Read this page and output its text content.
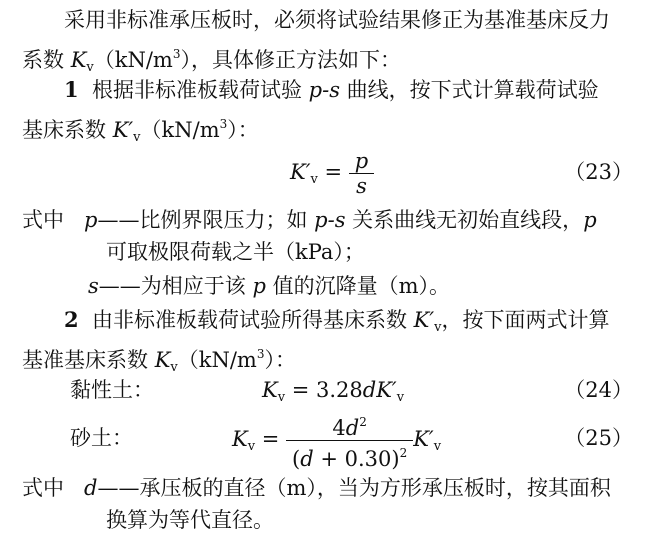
采用非标准承压板时，必须将试验结果修正为基准基床反力
系数 $K_v(kN/m^3)$，具体修正方法如下：
1 根据非标准板载荷试验 p-s 曲线，按下式计算载荷试验
基床系数 $K'_v(kN/m^3)$：
$K'_v = \frac{p}{s}$	（23）
式中 p——比例界限压力；如 p-s 关系曲线无初始直线段，p
可取极限荷载之半（kPa）；
s——为相应于该 p 值的沉降量（m）。
2 由非标准板载荷试验所得基床系数 $K'_v$，按下面两式计算
基准基床系数 $K_v(kN/m^3)$：
黏性土：	$K_v = 3.28dK'_v$	（24）
砂土：	$K_v = \frac{4d^2}{(d + 0.30)^2} K'_v$	（25）
式中 d——承压板的直径（m），当为方形承压板时，按其面积
换算为等代直径。
